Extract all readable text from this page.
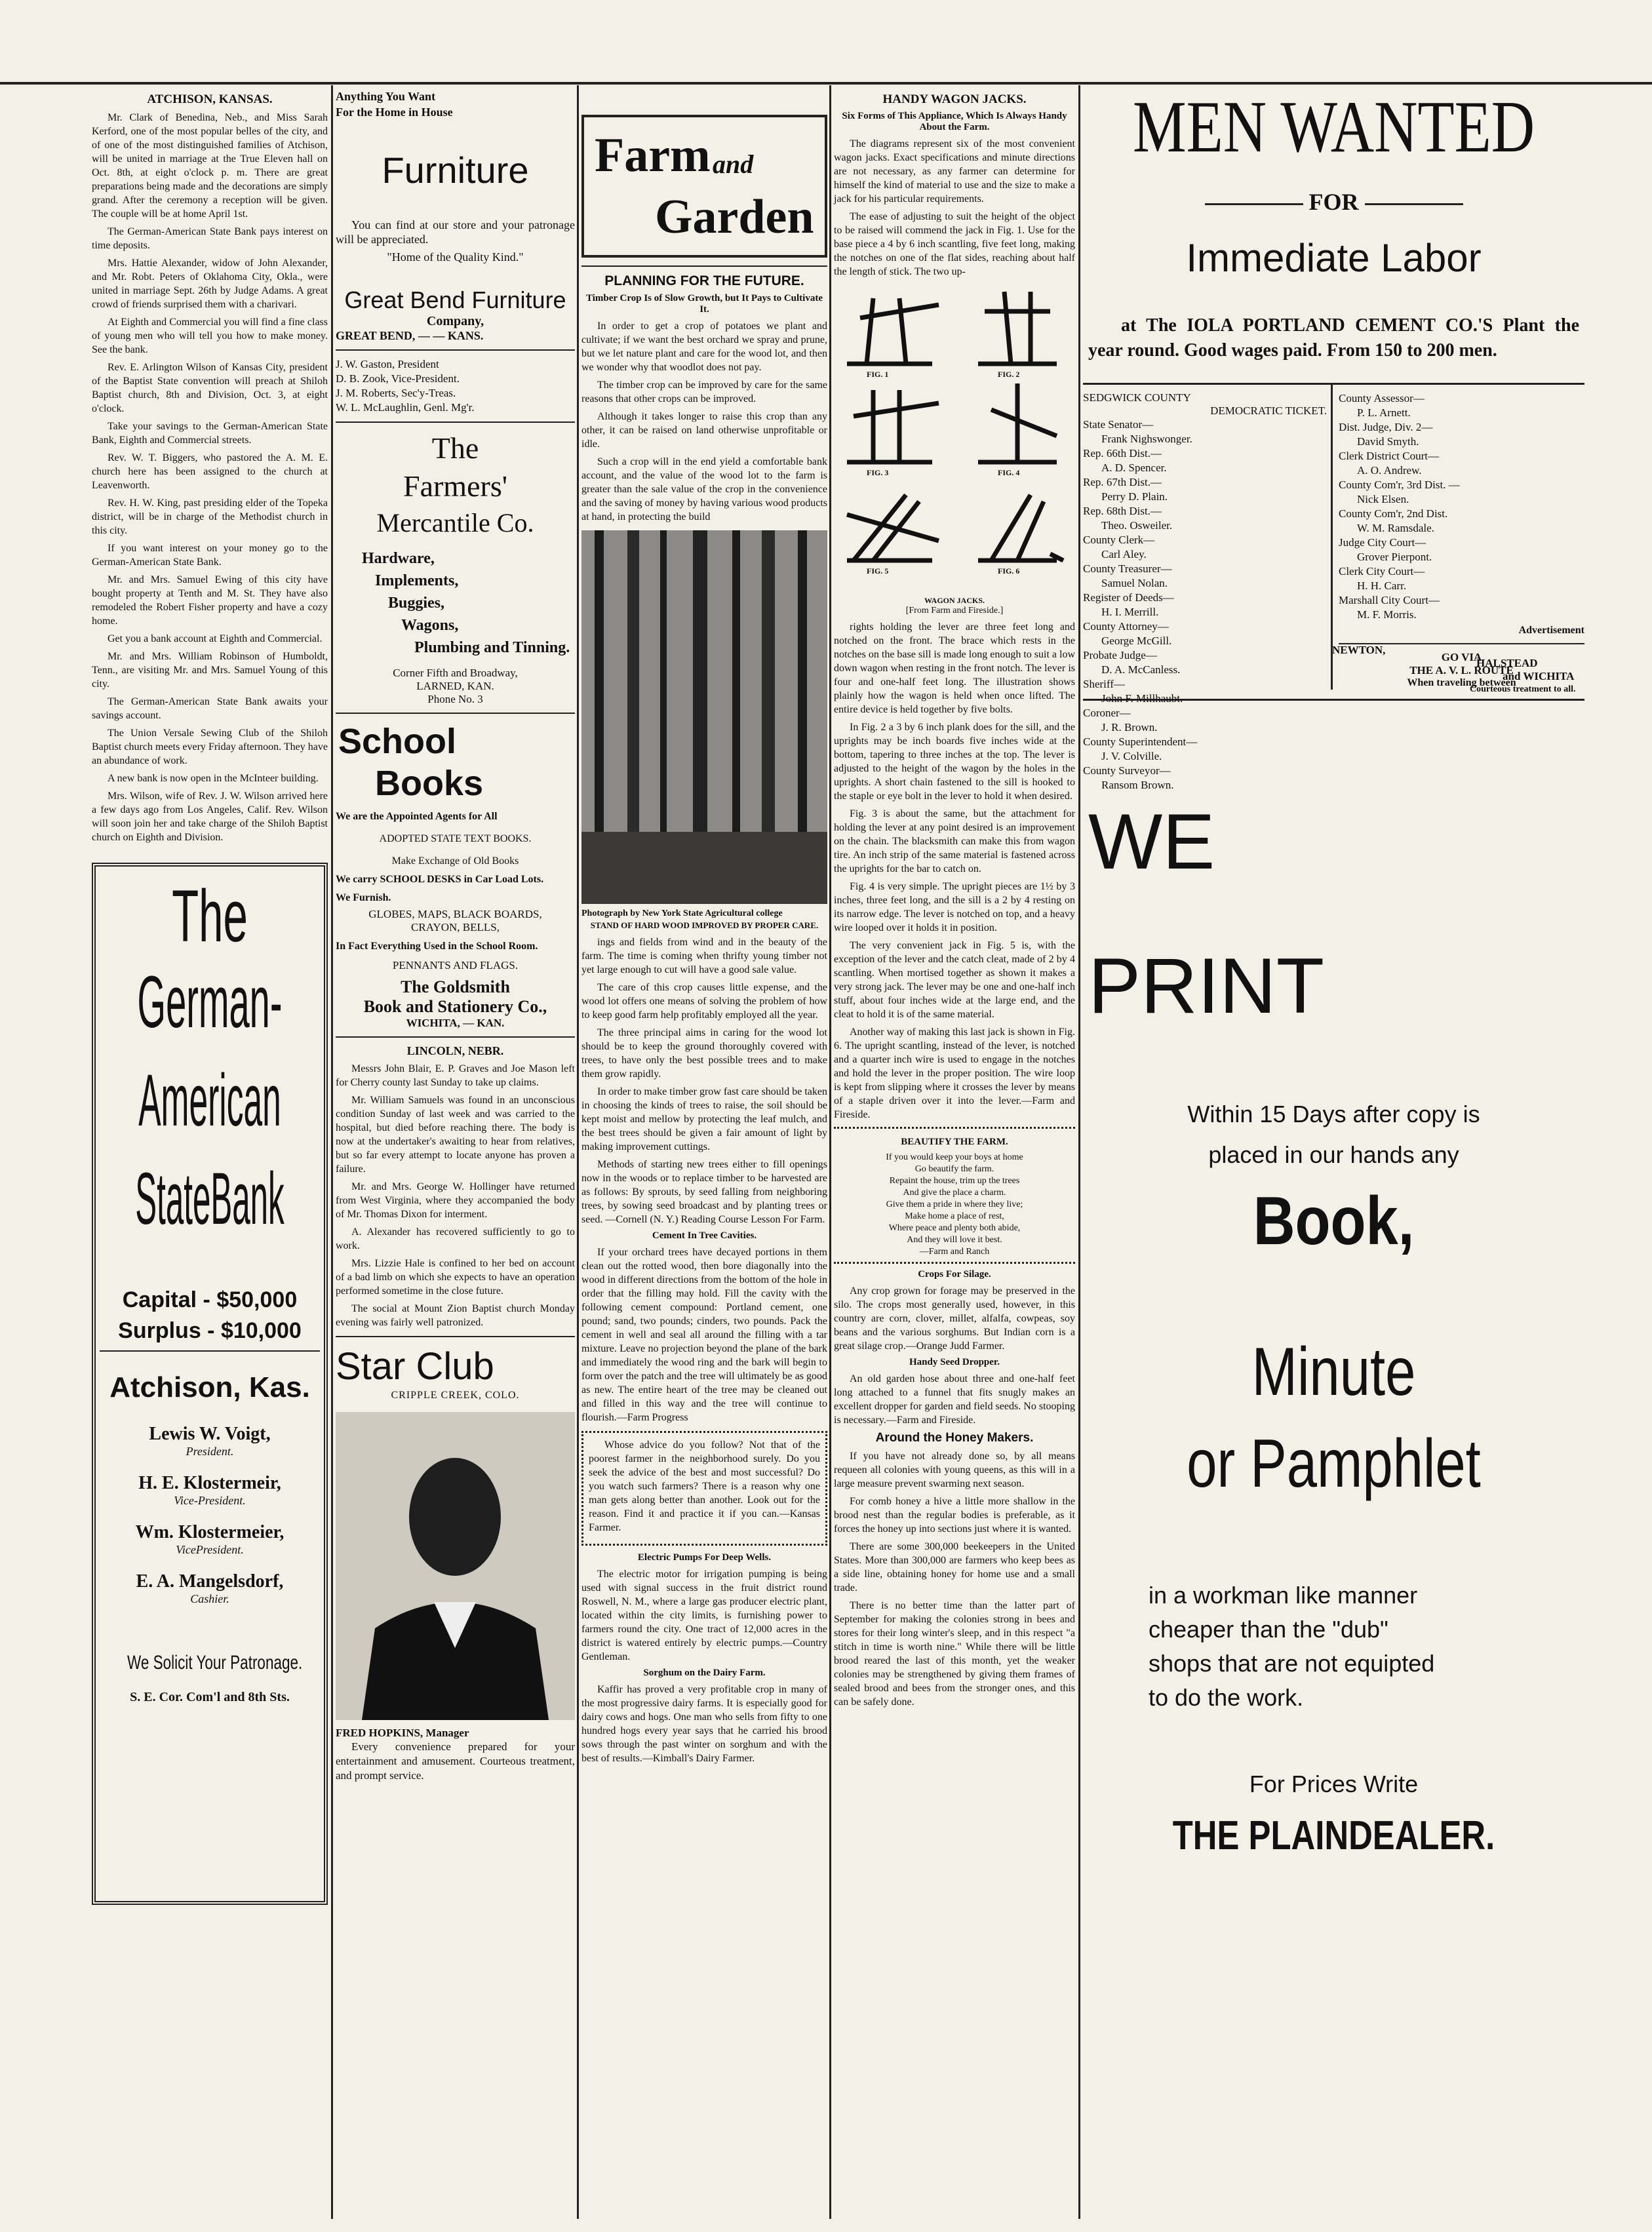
ATCHISON, KANSAS.

Mr. Clark of Benedina, Neb., and Miss Sarah Kerford, one of the most popular belles of the city, and of one of the most distinguished families of Atchison, will be united in marriage at the True Eleven hall on Oct. 8th, at eight o'clock p. m. There are great preparations being made and the decorations are simply grand. After the ceremony a reception will be given. The couple will be at home April 1st.

The German-American State Bank pays interest on time deposits.

Mrs. Hattie Alexander, widow of John Alexander, and Mr. Robt. Peters of Oklahoma City, Okla., were united in marriage Sept. 26th by Judge Adams. A great crowd of friends surprised them with a charivari.

At Eighth and Commercial you will find a fine class of young men who will tell you how to make money. See the bank.

Rev. E. Arlington Wilson of Kansas City, president of the Baptist State convention will preach at Shiloh Baptist church, 8th and Division, Oct. 3, at eight o'clock.

Take your savings to the German-American State Bank, Eighth and Commercial streets.

Rev. W. T. Biggers, who pastored the A. M. E. church here has been assigned to the church at Leavenworth.

Rev. H. W. King, past presiding elder of the Topeka district, will be in charge of the Methodist church in this city.

If you want interest on your money go to the German-American State Bank.

Mr. and Mrs. Samuel Ewing of this city have bought property at Tenth and M. St. They have also remodeled the Robert Fisher property and have a cozy home.

Get you a bank account at Eighth and Commercial.

Mr. and Mrs. William Robinson of Humboldt, Tenn., are visiting Mr. and Mrs. Samuel Young of this city.

The German-American State Bank awaits your savings account.

The Union Versale Sewing Club of the Shiloh Baptist church meets every Friday afternoon. They have an abundance of work.

A new bank is now open in the McInteer building.

Mrs. Wilson, wife of Rev. J. W. Wilson arrived here a few days ago from Los Angeles, Calif. Rev. Wilson will soon join her and take charge of the Shiloh Baptist church on Eighth and Division.

The
German-
American
StateBank
Capital - $50,000
Surplus - $10,000
Atchison, Kas.
Lewis W. Voigt,
President.
H. E. Klostermeir,
Vice-President.
Wm. Klostermeier,
VicePresident.
E. A. Mangelsdorf,
Cashier.
We Solicit Your Patronage.
S. E. Cor. Com'l and 8th Sts.
Anything You Want
For the Home in House
Furniture

You can find at our store and your patronage will be appreciated.

"Home of the Quality Kind."
Great Bend Furniture
Company,
GREAT BEND, — — KANS.
J. W. Gaston, President
D. B. Zook, Vice-President.
J. M. Roberts, Sec'y-Treas.
W. L. McLaughlin, Genl. Mg'r.
The
Farmers'
Mercantile Co.
Hardware,
Implements,
Buggies,
Wagons,
Plumbing and Tinning.
Corner Fifth and Broadway,
LARNED, KAN.
Phone No. 3
School
Books
We are the Appointed Agents for All
ADOPTED STATE TEXT BOOKS.
Make Exchange of Old Books
We carry SCHOOL DESKS in Car Load Lots.
We Furnish.
GLOBES, MAPS, BLACK BOARDS, CRAYON, BELLS,
In Fact Everything Used in the School Room.
PENNANTS AND FLAGS.
The Goldsmith
Book and Stationery Co.,
WICHITA, — KAN.
LINCOLN, NEBR.

Messrs John Blair, E. P. Graves and Joe Mason left for Cherry county last Sunday to take up claims.

Mr. William Samuels was found in an unconscious condition Sunday of last week and was carried to the hospital, but died before reaching there. The body is now at the undertaker's awaiting to hear from relatives, but so far every attempt to locate anyone has proven a failure.

Mr. and Mrs. George W. Hollinger have returned from West Virginia, where they accompanied the body of Mr. Thomas Dixon for interment.

A. Alexander has recovered sufficiently to go to work.

Mrs. Lizzie Hale is confined to her bed on account of a bad limb on which she expects to have an operation performed sometime in the close future.

The social at Mount Zion Baptist church Monday evening was fairly well patronized.

Star Club
CRIPPLE CREEK, COLO.
FRED HOPKINS, Manager

Every convenience prepared for your entertainment and amusement. Courteous treatment, and prompt service.

Farm and
Garden
PLANNING FOR THE FUTURE.
Timber Crop Is of Slow Growth, but It Pays to Cultivate It.

In order to get a crop of potatoes we plant and cultivate; if we want the best orchard we spray and prune, but we let nature plant and care for the wood lot, and then we wonder why that woodlot does not pay.

The timber crop can be improved by care for the same reasons that other crops can be improved.

Although it takes longer to raise this crop than any other, it can be raised on land otherwise unprofitable or idle.

Such a crop will in the end yield a comfortable bank account, and the value of the wood lot to the farm is greater than the sale value of the crop in the convenience and the saving of money by having various wood products at hand, in protecting the build

Photograph by New York State Agricultural college
STAND OF HARD WOOD IMPROVED BY PROPER CARE.

ings and fields from wind and in the beauty of the farm. The time is coming when thrifty young timber not yet large enough to cut will have a good sale value.

The care of this crop causes little expense, and the wood lot offers one means of solving the problem of how to keep good farm help profitably employed all the year.

The three principal aims in caring for the wood lot should be to keep the ground thoroughly covered with trees, to have only the best possible trees and to make them grow rapidly.

In order to make timber grow fast care should be taken in choosing the kinds of trees to raise, the soil should be kept moist and mellow by protecting the leaf mulch, and the best trees should be given a fair amount of light by making improvement cuttings.

Methods of starting new trees either to fill openings now in the woods or to replace timber to be harvested are as follows: By sprouts, by seed falling from neighboring trees, by sowing seed broadcast and by planting trees or seed. —Cornell (N. Y.) Reading Course Lesson For Farm.

Cement In Tree Cavities.

If your orchard trees have decayed portions in them clean out the rotted wood, then bore diagonally into the wood in different directions from the bottom of the hole in order that the filling may hold. Fill the cavity with the following cement compound: Portland cement, one pound; sand, two pounds; cinders, two pounds. Pack the cement in well and seal all around the filling with a tar mixture. Leave no projection beyond the plane of the bark and immediately the wood ring and the bark will begin to form over the patch and the tree will ultimately be as good as new. The entire heart of the tree may be cleaned out and filled in this way and the tree will continue to flourish.—Farm Progress

Whose advice do you follow? Not that of the poorest farmer in the neighborhood surely. Do you seek the advice of the best and most successful? Do you watch such farmers? There is a reason why one man gets along better than another. Look out for the reason. Find it and practice it if you can.—Kansas Farmer.

Electric Pumps For Deep Wells.

The electric motor for irrigation pumping is being used with signal success in the fruit district round Roswell, N. M., where a large gas producer electric plant, located within the city limits, is furnishing power to farmers round the city. One tract of 12,000 acres in the district is watered entirely by electric pumps.—Country Gentleman.

Sorghum on the Dairy Farm.

Kaffir has proved a very profitable crop in many of the most progressive dairy farms. It is especially good for dairy cows and hogs. One man who sells from fifty to one hundred hogs every year says that he carried his brood sows through the past winter on sorghum and with the best of results.—Kimball's Dairy Farmer.

HANDY WAGON JACKS.
Six Forms of This Appliance, Which Is Always Handy About the Farm.

The diagrams represent six of the most convenient wagon jacks. Exact specifications and minute directions are not necessary, as any farmer can determine for himself the kind of material to use and the size to make a jack for his particular requirements.

The ease of adjusting to suit the height of the object to be raised will commend the jack in Fig. 1. Use for the base piece a 4 by 6 inch scantling, five feet long, making the notches on one of the flat sides, reaching about half the length of stick. The two up-

FIG. 1	FIG. 2
FIG. 3	FIG. 4
FIG. 5	FIG. 6
WAGON JACKS.
[From Farm and Fireside.]

rights holding the lever are three feet long and notched on the front. The brace which rests in the notches on the base sill is made long enough to suit a low down wagon when resting in the front notch. The lever is four and one-half feet long. The illustration shows plainly how the wagon is held when once lifted. The entire device is held together by five bolts.

In Fig. 2 a 3 by 6 inch plank does for the sill, and the uprights may be inch boards five inches wide at the bottom, tapering to three inches at the top. The lever is adjusted to the height of the wagon by the holes in the uprights. A short chain fastened to the sill is hooked to the staple or eye bolt in the lever to hold it when desired.

Fig. 3 is about the same, but the attachment for holding the lever at any point desired is an improvement on the chain. The blacksmith can make this from wagon tire. An inch strip of the same material is fastened across the uprights for the bar to catch on.

Fig. 4 is very simple. The upright pieces are 1½ by 3 inches, three feet long, and the sill is a 2 by 4 resting on its narrow edge. The lever is notched on top, and a heavy wire looped over it holds it in position.

The very convenient jack in Fig. 5 is, with the exception of the lever and the catch cleat, made of 2 by 4 scantling. When mortised together as shown it makes a very strong jack. The lever may be one and one-half inch stuff, about four inches wide at the large end, and the cleat to hold it is of the same material.

Another way of making this last jack is shown in Fig. 6. The upright scantling, instead of the lever, is notched and a quarter inch wire is used to engage in the notches and hold the lever in the proper position. The wire loop is kept from slipping where it crosses the lever by means of a staple driven over it into the lever.—Farm and Fireside.

BEAUTIFY THE FARM.
If you would keep your boys at home
Go beautify the farm.
Repaint the house, trim up the trees
And give the place a charm.
Give them a pride in where they live;
Make home a place of rest,
Where peace and plenty both abide,
And they will love it best.
—Farm and Ranch
Crops For Silage.

Any crop grown for forage may be preserved in the silo. The crops most generally used, however, in this country are corn, clover, millet, alfalfa, cowpeas, soy beans and the various sorghums. But Indian corn is a great silage crop.—Orange Judd Farmer.

Handy Seed Dropper.

An old garden hose about three and one-half feet long attached to a funnel that fits snugly makes an excellent dropper for garden and field seeds. No stooping is necessary.—Farm and Fireside.

Around the Honey Makers.

If you have not already done so, by all means requeen all colonies with young queens, as this will in a large measure prevent swarming next season.

For comb honey a hive a little more shallow in the brood nest than the regular bodies is preferable, as it forces the honey up into sections just where it is wanted.

There are some 300,000 beekeepers in the United States. More than 300,000 are farmers who keep bees as a side line, obtaining honey for home use and a small trade.

There is no better time than the latter part of September for making the colonies strong in bees and stores for their long winter's sleep, and in this respect "a stitch in time is worth nine." While there will be little brood reared the last of this month, yet the weaker colonies may be strengthened by giving them frames of sealed brood and bees from the stronger ones, and this can be safely done.

MEN WANTED
FOR
Immediate Labor
at The IOLA PORTLAND CEMENT CO.'S Plant the year round. Good wages paid. From 150 to 200 men.
SEDGWICK COUNTY
DEMOCRATIC TICKET.
State Senator—
Frank Nighswonger.
Rep. 66th Dist.—
A. D. Spencer.
Rep. 67th Dist.—
Perry D. Plain.
Rep. 68th Dist.—
Theo. Osweiler.
County Clerk—
Carl Aley.
County Treasurer—
Samuel Nolan.
Register of Deeds—
H. I. Merrill.
County Attorney—
George McGill.
Probate Judge—
D. A. McCanless.
Sheriff—
John F. Millhaubt.
Coroner—
J. R. Brown.
County Superintendent—
J. V. Colville.
County Surveyor—
Ransom Brown.
County Assessor—
P. L. Arnett.
Dist. Judge, Div. 2—
David Smyth.
Clerk District Court—
A. O. Andrew.
County Com'r, 3rd Dist. —
Nick Elsen.
County Com'r, 2nd Dist.
W. M. Ramsdale.
Judge City Court—
Grover Pierpont.
Clerk City Court—
H. H. Carr.
Marshall City Court—
M. F. Morris.
Advertisement
GO VIA
THE A. V. L. ROUTE
When traveling between
NEWTON,
HALSTEAD
and WICHITA
Courteous treatment to all.
WE
PRINT
Within 15 Days after copy is
placed in our hands any
Book,
Minute
or Pamphlet
in a workman like manner
cheaper than the "dub"
shops that are not equipted
to do the work.
For Prices Write
THE PLAINDEALER.
